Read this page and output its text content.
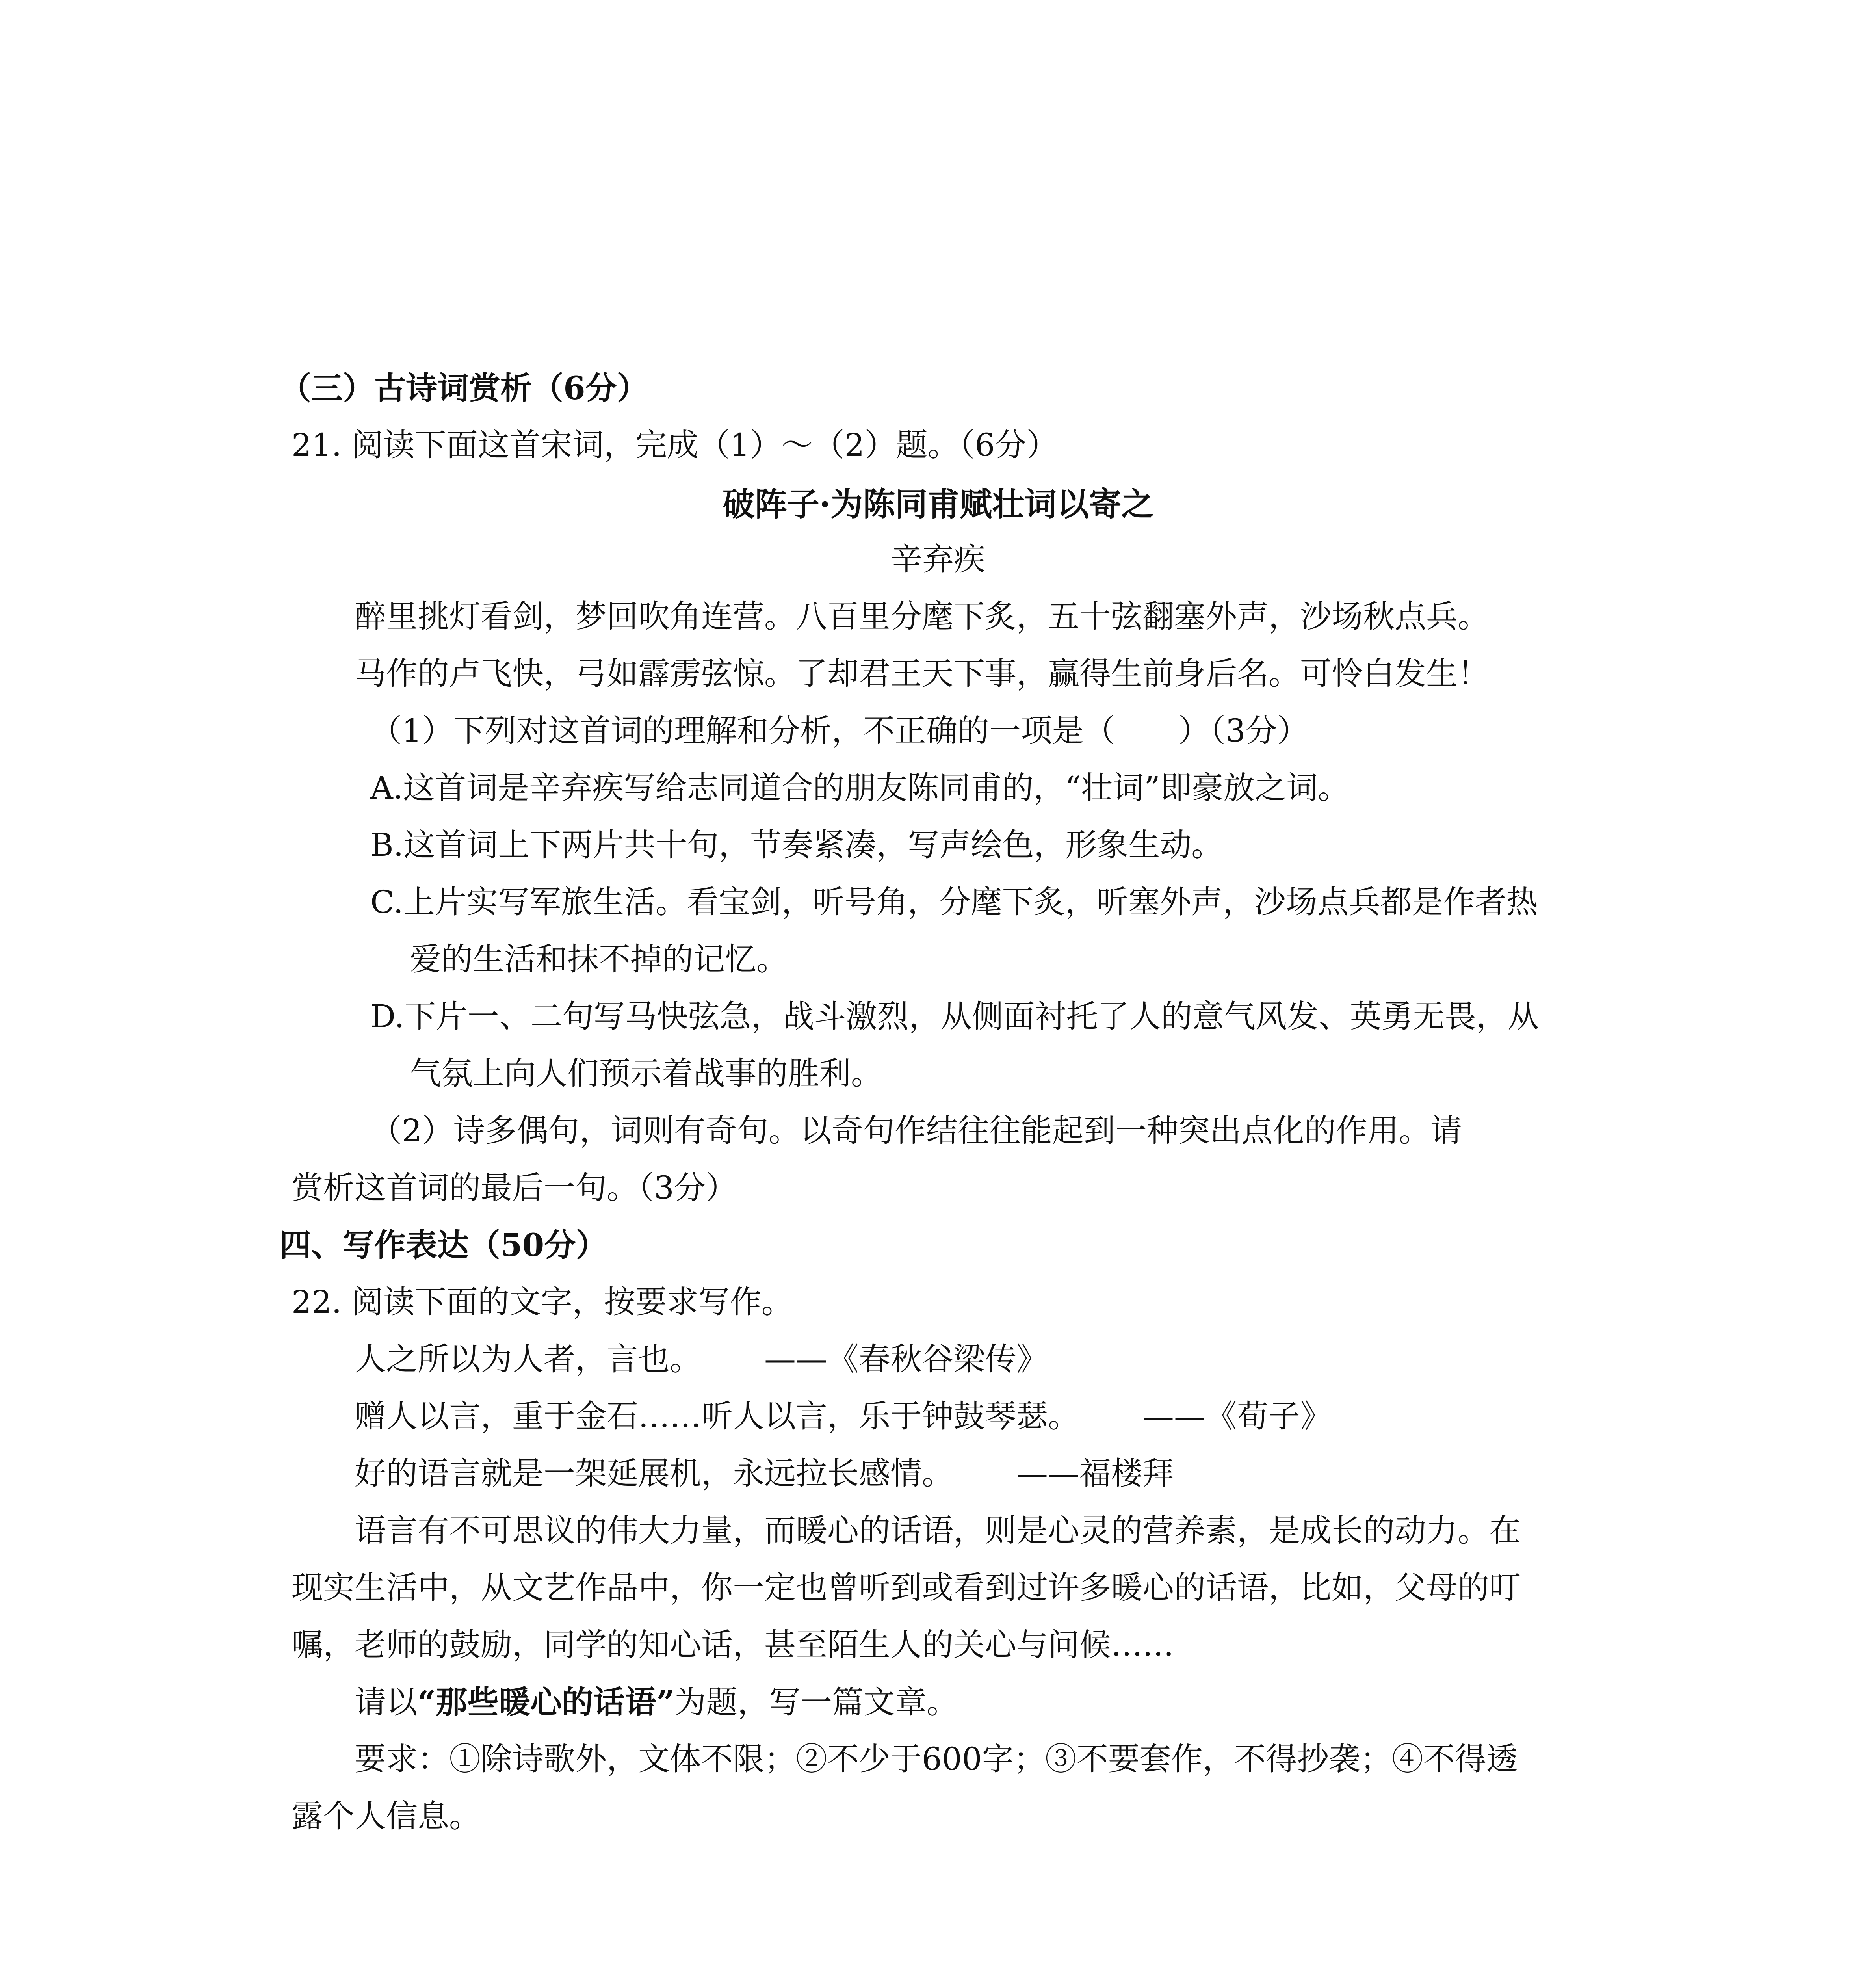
（三）古诗词赏析（6分）
21. 阅读下面这首宋词，完成（1）～（2）题。（6分）
破阵子·为陈同甫赋壮词以寄之
辛弃疾
醉里挑灯看剑，梦回吹角连营。八百里分麾下炙，五十弦翻塞外声，沙场秋点兵。
马作的卢飞快，弓如霹雳弦惊。了却君王天下事，赢得生前身后名。可怜白发生！
（1）下列对这首词的理解和分析，不正确的一项是（　　）（3分）
A.这首词是辛弃疾写给志同道合的朋友陈同甫的，“壮词”即豪放之词。
B.这首词上下两片共十句，节奏紧凑，写声绘色，形象生动。
C.上片实写军旅生活。看宝剑，听号角，分麾下炙，听塞外声，沙场点兵都是作者热
爱的生活和抹不掉的记忆。
D.下片一、二句写马快弦急，战斗激烈，从侧面衬托了人的意气风发、英勇无畏，从
气氛上向人们预示着战事的胜利。
（2）诗多偶句，词则有奇句。以奇句作结往往能起到一种突出点化的作用。请
赏析这首词的最后一句。（3分）
四、写作表达（50分）
22. 阅读下面的文字，按要求写作。
人之所以为人者，言也。 ——《春秋谷梁传》
赠人以言，重于金石……听人以言，乐于钟鼓琴瑟。 ——《荀子》
好的语言就是一架延展机，永远拉长感情。 ——福楼拜
语言有不可思议的伟大力量，而暖心的话语，则是心灵的营养素，是成长的动力。在
现实生活中，从文艺作品中，你一定也曾听到或看到过许多暖心的话语，比如，父母的叮
嘱，老师的鼓励，同学的知心话，甚至陌生人的关心与问候……
请以“那些暖心的话语”为题，写一篇文章。
要求：①除诗歌外，文体不限；②不少于600字；③不要套作，不得抄袭；④不得透
露个人信息。
